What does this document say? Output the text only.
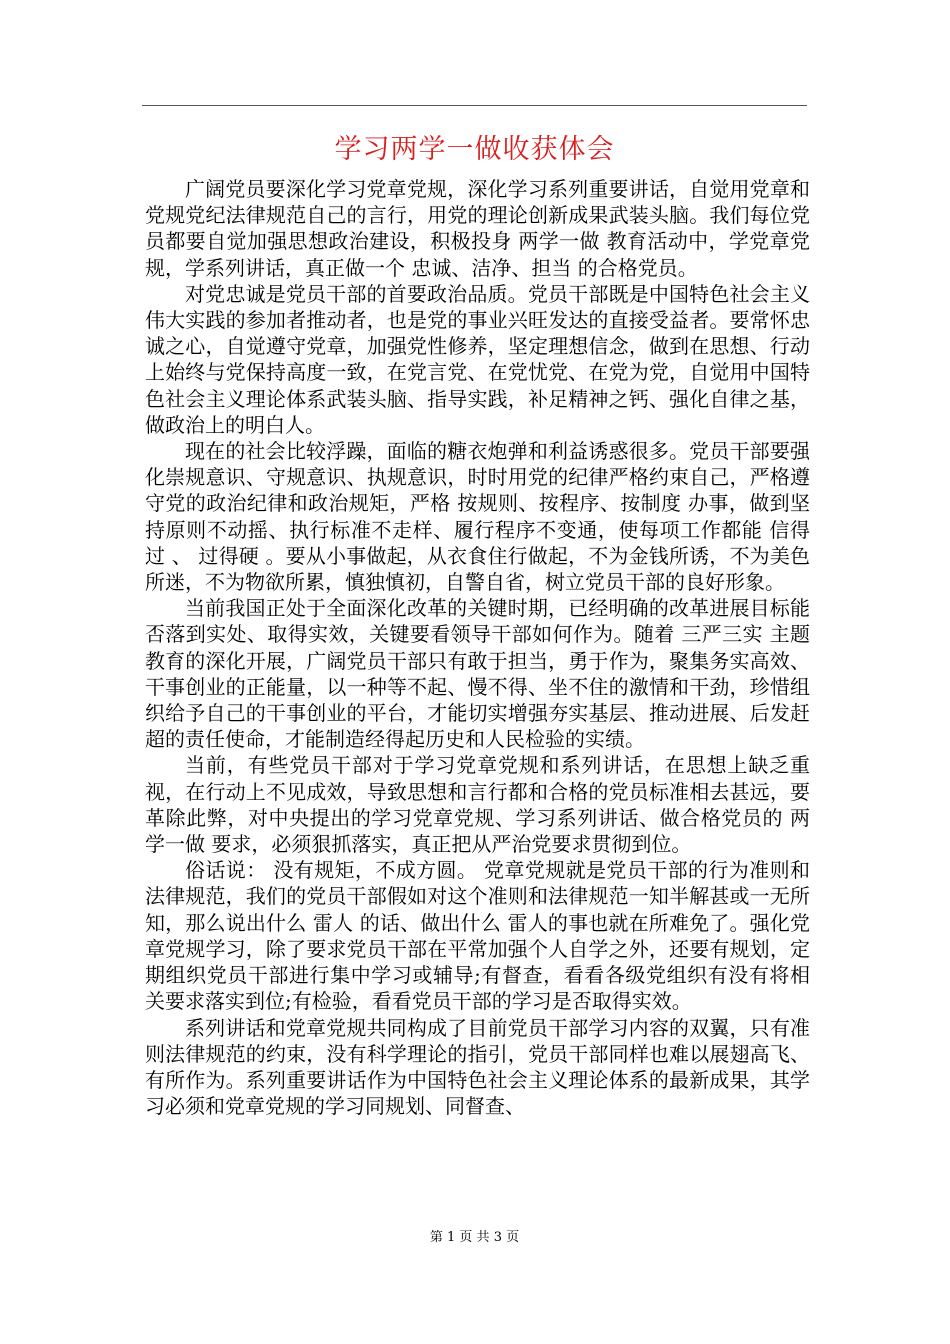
学习两学一做收获体会

广阔党员要深化学习党章党规，深化学习系列重要讲话，自觉用党章和党规党纪法律规范自己的言行，用党的理论创新成果武装头脑。我们每位党员都要自觉加强思想政治建设，积极投身 两学一做 教育活动中，学党章党规，学系列讲话，真正做一个 忠诚、洁净、担当 的合格党员。

对党忠诚是党员干部的首要政治品质。党员干部既是中国特色社会主义伟大实践的参加者推动者，也是党的事业兴旺发达的直接受益者。要常怀忠诚之心，自觉遵守党章，加强党性修养，坚定理想信念，做到在思想、行动上始终与党保持高度一致，在党言党、在党忧党、在党为党，自觉用中国特色社会主义理论体系武装头脑、指导实践，补足精神之钙、强化自律之基，做政治上的明白人。

现在的社会比较浮躁，面临的糖衣炮弹和利益诱惑很多。党员干部要强化崇规意识、守规意识、执规意识，时时用党的纪律严格约束自己，严格遵守党的政治纪律和政治规矩，严格 按规则、按程序、按制度 办事，做到坚持原则不动摇、执行标准不走样、履行程序不变通，使每项工作都能 信得过 、 过得硬 。要从小事做起，从衣食住行做起，不为金钱所诱，不为美色所迷，不为物欲所累，慎独慎初，自警自省，树立党员干部的良好形象。

当前我国正处于全面深化改革的关键时期，已经明确的改革进展目标能否落到实处、取得实效，关键要看领导干部如何作为。随着 三严三实 主题教育的深化开展，广阔党员干部只有敢于担当，勇于作为，聚集务实高效、干事创业的正能量，以一种等不起、慢不得、坐不住的激情和干劲，珍惜组织给予自己的干事创业的平台，才能切实增强夯实基层、推动进展、后发赶超的责任使命，才能制造经得起历史和人民检验的实绩。

当前，有些党员干部对于学习党章党规和系列讲话，在思想上缺乏重视，在行动上不见成效，导致思想和言行都和合格的党员标准相去甚远，要革除此弊，对中央提出的学习党章党规、学习系列讲话、做合格党员的 两学一做 要求，必须狠抓落实，真正把从严治党要求贯彻到位。

俗话说： 没有规矩，不成方圆。 党章党规就是党员干部的行为准则和法律规范，我们的党员干部假如对这个准则和法律规范一知半解甚或一无所知，那么说出什么 雷人 的话、做出什么 雷人的事也就在所难免了。强化党章党规学习，除了要求党员干部在平常加强个人自学之外，还要有规划，定期组织党员干部进行集中学习或辅导;有督查，看看各级党组织有没有将相关要求落实到位;有检验，看看党员干部的学习是否取得实效。

系列讲话和党章党规共同构成了目前党员干部学习内容的双翼，只有准则法律规范的约束，没有科学理论的指引，党员干部同样也难以展翅高飞、有所作为。系列重要讲话作为中国特色社会主义理论体系的最新成果，其学习必须和党章党规的学习同规划、同督查、

第 1 页 共 3 页
